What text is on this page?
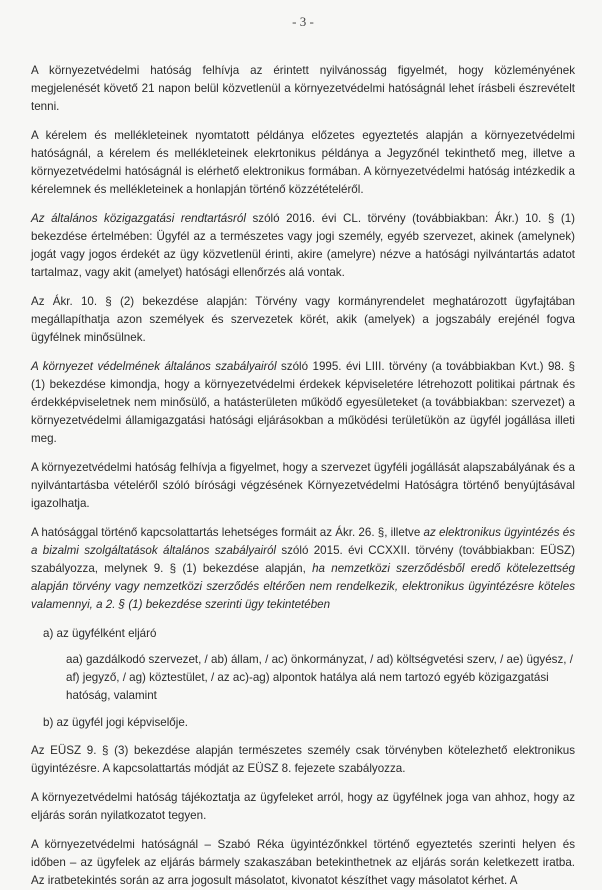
- 3 -

A környezetvédelmi hatóság felhívja az érintett nyilvánosság figyelmét, hogy közleményének megjelenését követő 21 napon belül közvetlenül a környezetvédelmi hatóságnál lehet írásbeli észrevételt tenni.

A kérelem és mellékleteinek nyomtatott példánya előzetes egyeztetés alapján a környezetvédelmi hatóságnál, a kérelem és mellékleteinek elekrtonikus példánya a Jegyzőnél tekinthető meg, illetve a környezetvédelmi hatóságnál is elérhető elektronikus formában. A környezetvédelmi hatóság intézkedik a kérelemnek és mellékleteinek a honlapján történő közzétételéről.

Az általános közigazgatási rendtartásról szóló 2016. évi CL. törvény (továbbiakban: Ákr.) 10. § (1) bekezdése értelmében: Ügyfél az a természetes vagy jogi személy, egyéb szervezet, akinek (amelynek) jogát vagy jogos érdekét az ügy közvetlenül érinti, akire (amelyre) nézve a hatósági nyilvántartás adatot tartalmaz, vagy akit (amelyet) hatósági ellenőrzés alá vontak.

Az Ákr. 10. § (2) bekezdése alapján: Törvény vagy kormányrendelet meghatározott ügyfajtában megállapíthatja azon személyek és szervezetek körét, akik (amelyek) a jogszabály erejénél fogva ügyfélnek minősülnek.

A környezet védelmének általános szabályairól szóló 1995. évi LIII. törvény (a továbbiakban Kvt.) 98. § (1) bekezdése kimondja, hogy a környezetvédelmi érdekek képviseletére létrehozott politikai pártnak és érdekképviseletnek nem minősülő, a hatásterületen működő egyesületeket (a továbbiakban: szervezet) a környezetvédelmi államigazgatási hatósági eljárásokban a működési területükön az ügyfél jogállása illeti meg.

A környezetvédelmi hatóság felhívja a figyelmet, hogy a szervezet ügyféli jogállását alapszabályának és a nyilvántartásba vételéről szóló bírósági végzésének Környezetvédelmi Hatóságra történő benyújtásával igazolhatja.

A hatósággal történő kapcsolattartás lehetséges formáit az Ákr. 26. §, illetve az elektronikus ügyintézés és a bizalmi szolgáltatások általános szabályairól szóló 2015. évi CCXXII. törvény (továbbiakban: EÜSZ) szabályozza, melynek 9. § (1) bekezdése alapján, ha nemzetközi szerződésből eredő kötelezettség alapján törvény vagy nemzetközi szerződés eltérően nem rendelkezik, elektronikus ügyintézésre köteles valamennyi, a 2. § (1) bekezdése szerinti ügy tekintetében

a) az ügyfélként eljáró
aa) gazdálkodó szervezet, / ab) állam, / ac) önkormányzat, / ad) költségvetési szerv, / ae) ügyész, / af) jegyző, / ag) köztestület, / az ac)-ag) alpontok hatálya alá nem tartozó egyéb közigazgatási hatóság, valamint
b) az ügyfél jogi képviselője.

Az EÜSZ 9. § (3) bekezdése alapján természetes személy csak törvényben kötelezhető elektronikus ügyintézésre. A kapcsolattartás módját az EÜSZ 8. fejezete szabályozza.

A környezetvédelmi hatóság tájékoztatja az ügyfeleket arról, hogy az ügyfélnek joga van ahhoz, hogy az eljárás során nyilatkozatot tegyen.

A környezetvédelmi hatóságnál – Szabó Réka ügyintézőnkkel történő egyeztetés szerinti helyen és időben – az ügyfelek az eljárás bármely szakaszában betekinthetnek az eljárás során keletkezett iratba. Az iratbetekintés során az arra jogosult másolatot, kivonatot készíthet vagy másolatot kérhet. A
